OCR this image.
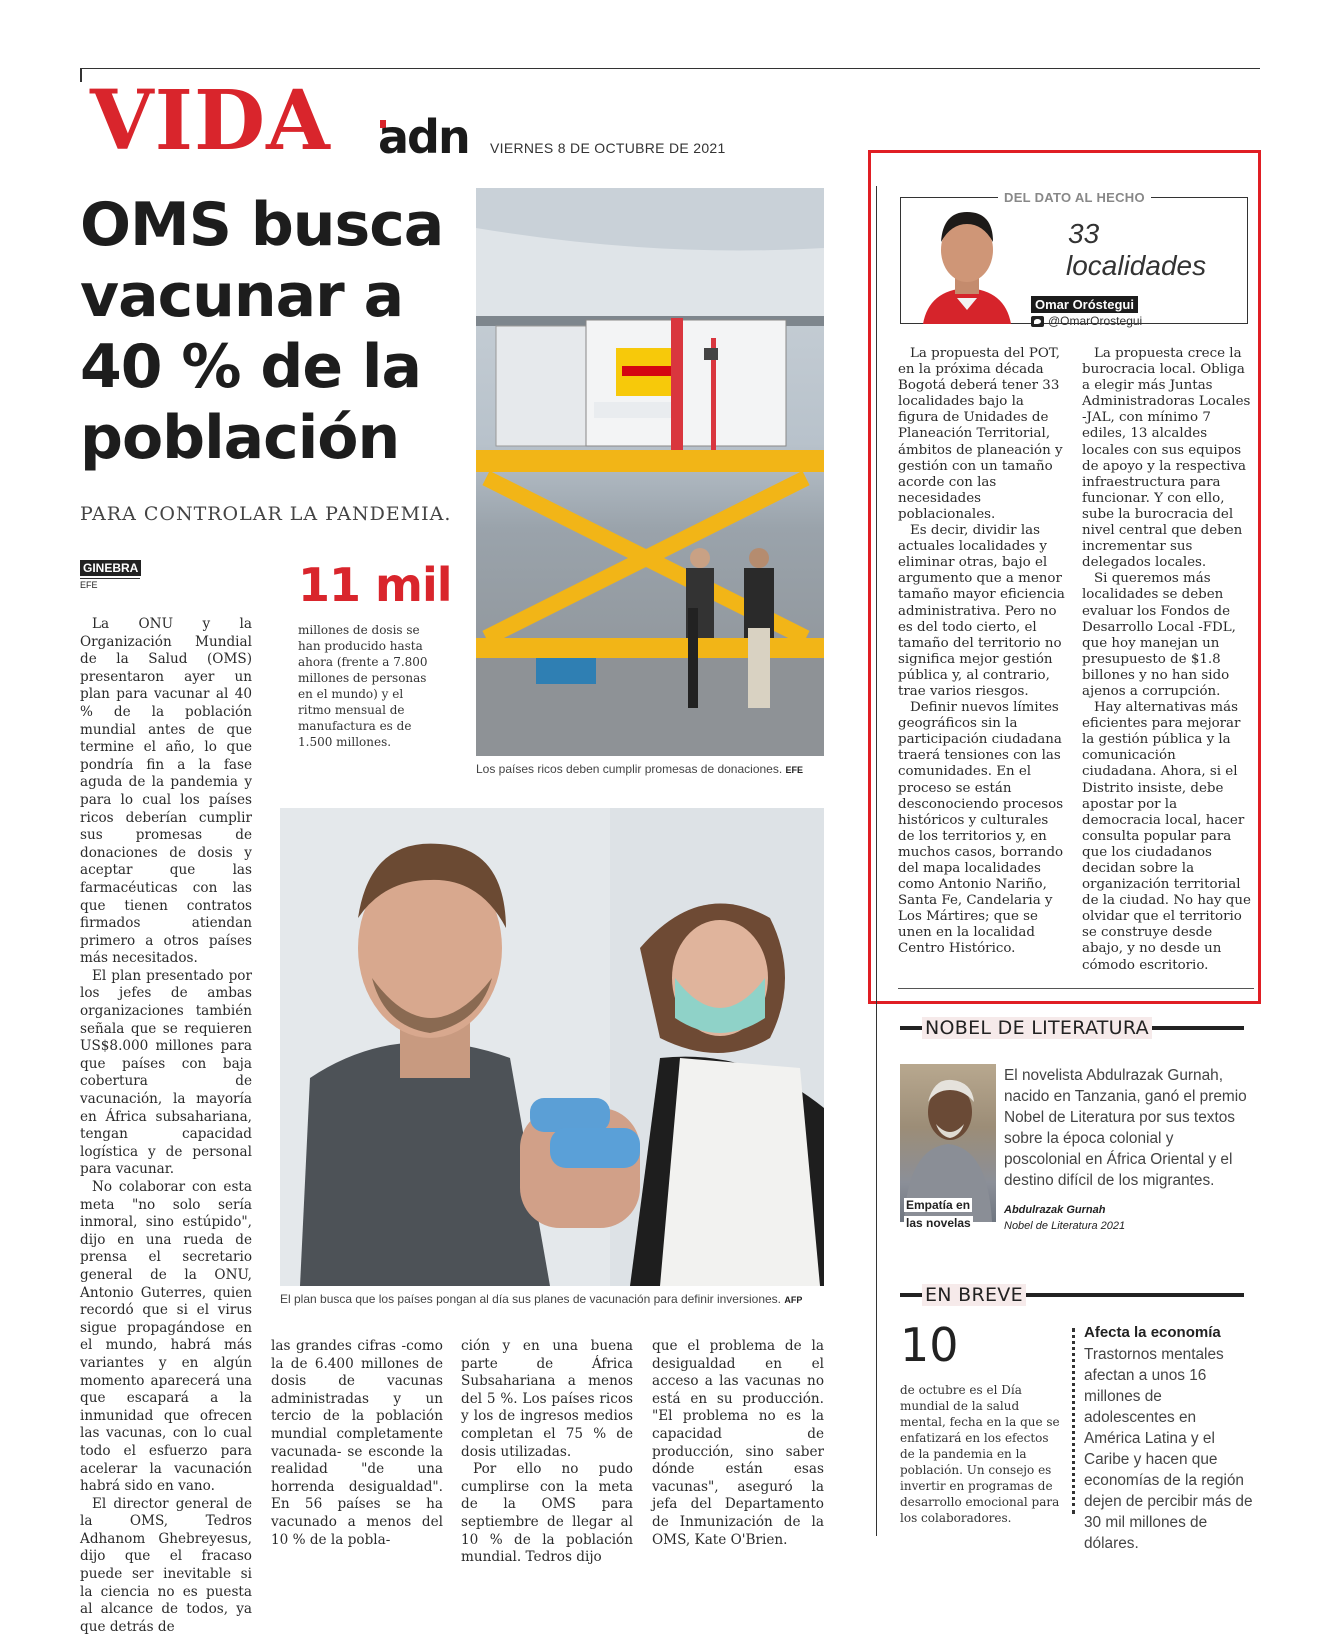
VIDA adn VIERNES 8 DE OCTUBRE DE 2021
OMS busca
vacunar a
40 % de la
población
PARA CONTROLAR LA PANDEMIA.
GINEBRA
EFE	11 mil
millones de dosis se han producido hasta ahora (frente a 7.800 millones de personas en el mundo) y el ritmo mensual de manufactura es de 1.500 millones.

La ONU y la Organización Mundial de la Salud (OMS) presentaron ayer un plan para vacunar al 40 % de la población mundial antes de que termine el año, lo que pondría fin a la fase aguda de la pandemia y para lo cual los países ricos deberían cumplir sus promesas de donaciones de dosis y aceptar que las farmacéuticas con las que tienen contratos firmados atiendan primero a otros países más necesitados.

El plan presentado por los jefes de ambas organizaciones también señala que se requieren US$8.000 millones para que países con baja cobertura de vacunación, la mayoría en África subsahariana, tengan capacidad logística y de personal para vacunar.

No colaborar con esta meta "no solo sería inmoral, sino estúpido", dijo en una rueda de prensa el secretario general de la ONU, Antonio Guterres, quien recordó que si el virus sigue propagándose en el mundo, habrá más variantes y en algún momento aparecerá una que escapará a la inmunidad que ofrecen las vacunas, con lo cual todo el esfuerzo para acelerar la vacunación habrá sido en vano.

El director general de la OMS, Tedros Adhanom Ghebreyesus, dijo que el fracaso puede ser inevitable si la ciencia no es puesta al alcance de todos, ya que detrás de

las grandes cifras -como la de 6.400 millones de dosis de vacunas administradas y un tercio de la población mundial completamente vacunada- se esconde la realidad "de una horrenda desigualdad". En 56 países se ha vacunado a menos del 10 % de la pobla-
ción y en una buena parte de África Subsahariana a menos del 5 %. Los países ricos y los de ingresos medios completan el 75 % de dosis utilizadas.

Por ello no pudo cumplirse con la meta de la OMS para septiembre de llegar al 10 % de la población mundial. Tedros dijo

que el problema de la desigualdad en el acceso a las vacunas no está en su producción. "El problema no es la capacidad de producción, sino saber dónde están esas vacunas", aseguró la jefa del Departamento de Inmunización de la OMS, Kate O'Brien.
Los países ricos deben cumplir promesas de donaciones. EFE
El plan busca que los países pongan al día sus planes de vacunación para definir inversiones. AFP
DEL DATO AL HECHO
33
localidades
Omar Oróstegui
@OmarOrostegui

La propuesta del POT, en la próxima década Bogotá deberá tener 33 localidades bajo la figura de Unidades de Planeación Territorial, ámbitos de planeación y gestión con un tamaño acorde con las necesidades poblacionales.

Es decir, dividir las actuales localidades y eliminar otras, bajo el argumento que a menor tamaño mayor eficiencia administrativa. Pero no es del todo cierto, el tamaño del territorio no significa mejor gestión pública y, al contrario, trae varios riesgos.

Definir nuevos límites geográficos sin la participación ciudadana traerá tensiones con las comunidades. En el proceso se están desconociendo procesos históricos y culturales de los territorios y, en muchos casos, borrando del mapa localidades como Antonio Nariño, Santa Fe, Candelaria y Los Mártires; que se unen en la localidad Centro Histórico.

La propuesta crece la burocracia local. Obliga a elegir más Juntas Administradoras Locales -JAL, con mínimo 7 ediles, 13 alcaldes locales con sus equipos de apoyo y la respectiva infraestructura para funcionar. Y con ello, sube la burocracia del nivel central que deben incrementar sus delegados locales.

Si queremos más localidades se deben evaluar los Fondos de Desarrollo Local -FDL, que hoy manejan un presupuesto de $1.8 billones y no han sido ajenos a corrupción.

Hay alternativas más eficientes para mejorar la gestión pública y la comunicación ciudadana. Ahora, si el Distrito insiste, debe apostar por la democracia local, hacer consulta popular para que los ciudadanos decidan sobre la organización territorial de la ciudad. No hay que olvidar que el territorio se construye desde abajo, y no desde un cómodo escritorio.

NOBEL DE LITERATURA
Empatía en
las novelas
El novelista Abdulrazak Gurnah, nacido en Tanzania, ganó el premio Nobel de Literatura por sus textos sobre la época colonial y poscolonial en África Oriental y el destino difícil de los migrantes.
Abdulrazak Gurnah
Nobel de Literatura 2021
EN BREVE
10
de octubre es el Día mundial de la salud mental, fecha en la que se enfatizará en los efectos de la pandemia en la población. Un consejo es invertir en programas de desarrollo emocional para los colaboradores.
Afecta la economía
Trastornos mentales afectan a unos 16 millones de adolescentes en América Latina y el Caribe y hacen que economías de la región dejen de percibir más de 30 mil millones de dólares.
